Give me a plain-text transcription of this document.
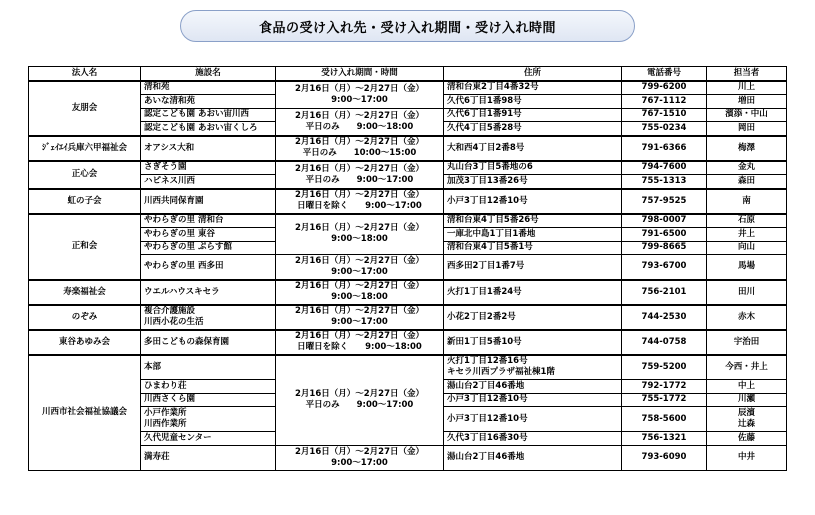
食品の受け入れ先・受け入れ期間・受け入れ時間
法人名	施設名	受け入れ期間・時間	住所	電話番号	担当者
友朋会	清和苑	2月16日（月）～2月27日（金）
9:00～17:00	清和台東2丁目4番32号	799-6200	川上

	あいな清和苑		久代6丁目1番98号	767-1112	増田

	認定こども園 あおい宙川西	2月16日（月）～2月27日（金）
平日のみ　　9:00～18:00	久代6丁目1番91号	767-1510	濱添・中山

	認定こども園 あおい宙くしろ		久代4丁目5番28号	755-0234	岡田

ｼﾞｪｲｴｲ兵庫六甲福祉会	オアシス大和	2月16日（月）～2月27日（金）
平日のみ　　10:00～15:00	大和西4丁目2番8号	791-6366	梅澤

正心会	さぎそう園	2月16日（月）～2月27日（金）
平日のみ　　9:00～17:00	丸山台3丁目5番地の6	794-7600	金丸

	ハピネス川西		加茂3丁目13番26号	755-1313	森田

虹の子会	川西共同保育園	2月16日（月）～2月27日（金）
日曜日を除く　　9:00～17:00	小戸3丁目12番10号	757-9525	南

正和会	やわらぎの里 清和台	2月16日（月）～2月27日（金）
9:00～18:00	清和台東4丁目5番26号	798-0007	石原

	やわらぎの里 東谷		一庫北中島1丁目1番地	791-6500	井上

	やわらぎの里 ぷらす館		清和台東4丁目5番1号	799-8665	向山

	やわらぎの里 西多田	2月16日（月）～2月27日（金）
9:00～17:00	西多田2丁目1番7号	793-6700	馬場

寿楽福祉会	ウエルハウスキセラ	2月16日（月）～2月27日（金）
9:00～18:00	火打1丁目1番24号	756-2101	田川

のぞみ	複合介護施設
川西小花の生活	2月16日（月）～2月27日（金）
9:00～17:00	小花2丁目2番2号	744-2530	赤木

東谷あゆみ会	多田こどもの森保育園	2月16日（月）～2月27日（金）
日曜日を除く　　9:00～18:00	新田1丁目5番10号	744-0758	宇治田

川西市社会福祉協議会	本部	2月16日（月）～2月27日（金）
平日のみ　　9:00～17:00	火打1丁目12番16号
キセラ川西プラザ福祉棟1階	759-5200	今西・井上

	ひまわり荘		湯山台2丁目46番地	792-1772	中上

	川西さくら園		小戸3丁目12番10号	755-1772	川瀬

	小戸作業所
川西作業所		小戸3丁目12番10号	758-5600	辰濱
辻森

	久代児童センター		久代3丁目16番30号	756-1321	佐藤

	満寿荘	2月16日（月）～2月27日（金）
9:00～17:00	湯山台2丁目46番地	793-6090	中井
